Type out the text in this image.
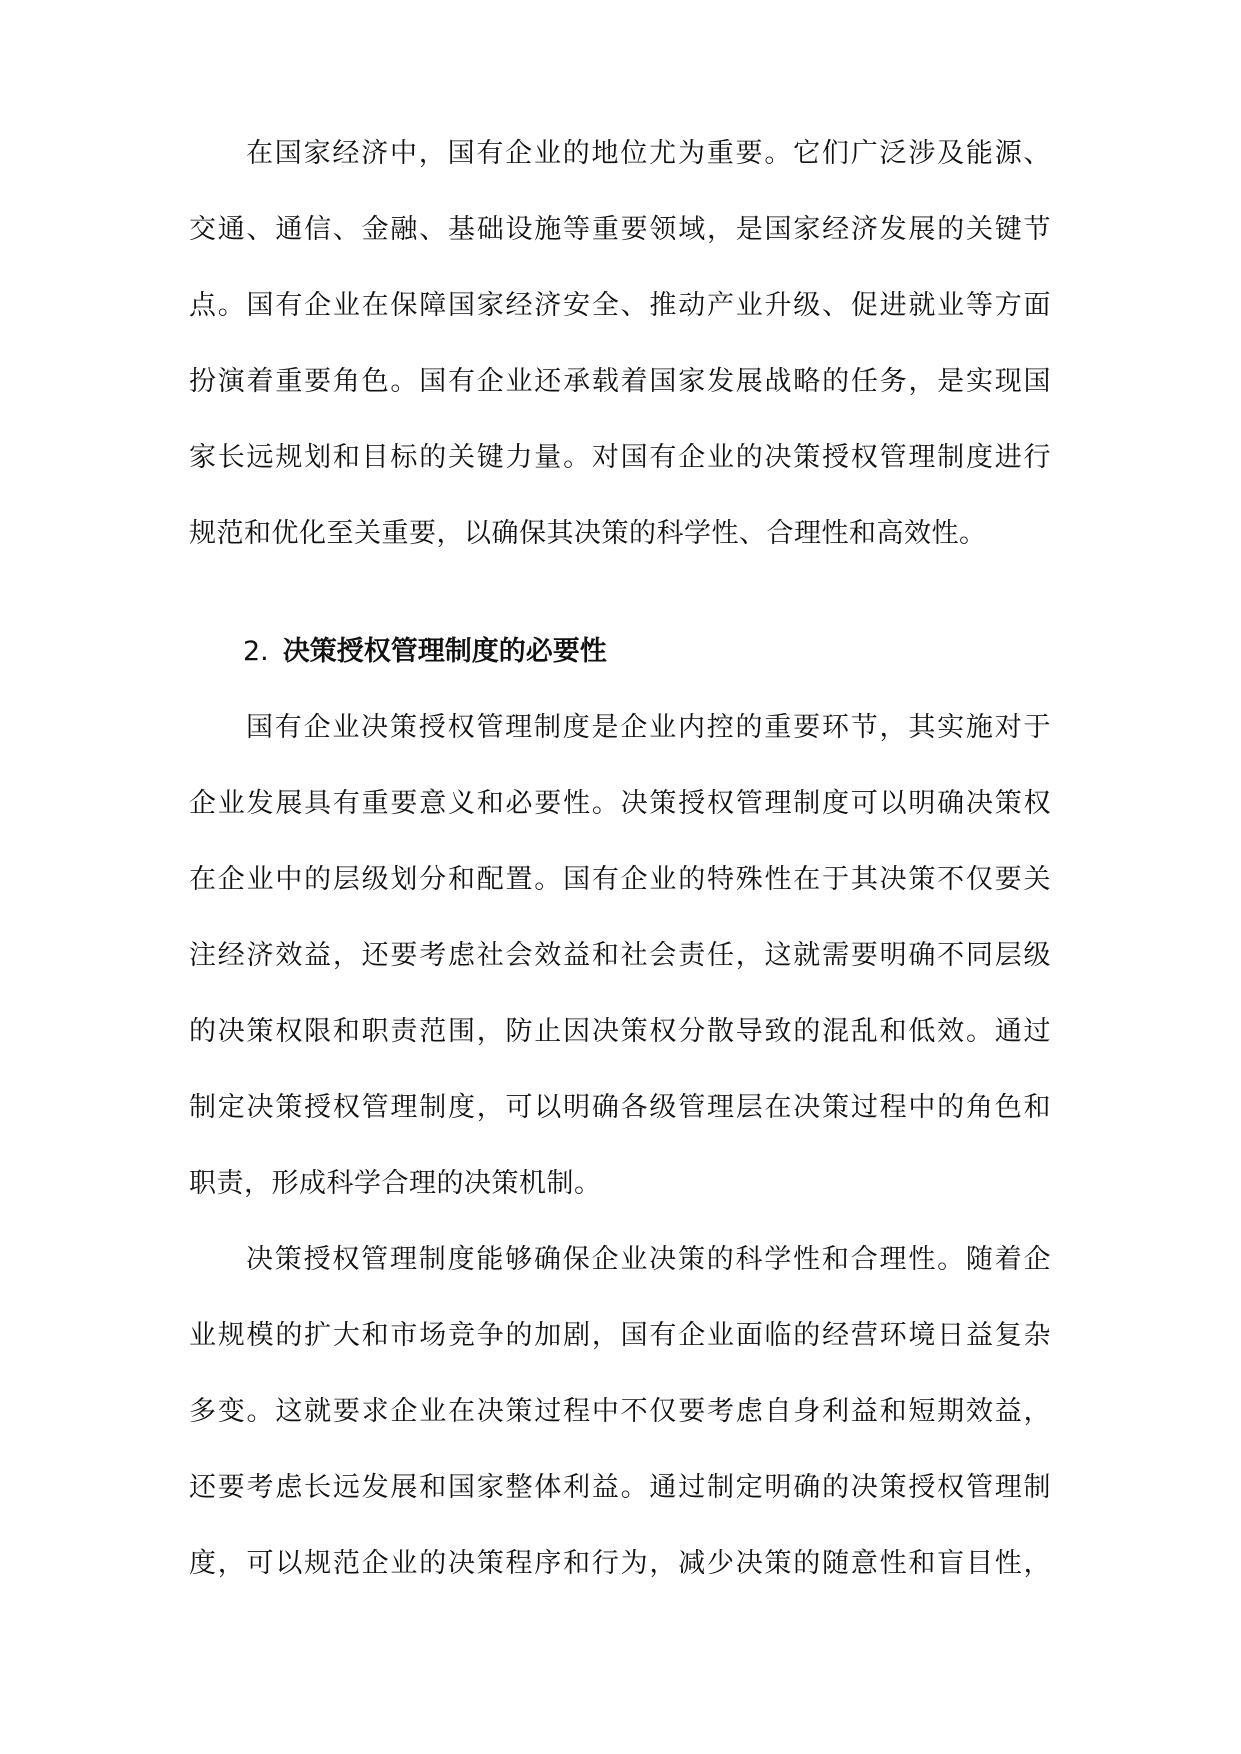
在国家经济中，国有企业的地位尤为重要。它们广泛涉及能源、
交通、通信、金融、基础设施等重要领域，是国家经济发展的关键节
点。国有企业在保障国家经济安全、推动产业升级、促进就业等方面
扮演着重要角色。国有企业还承载着国家发展战略的任务，是实现国
家长远规划和目标的关键力量。对国有企业的决策授权管理制度进行
规范和优化至关重要，以确保其决策的科学性、合理性和高效性。
2. 决策授权管理制度的必要性
国有企业决策授权管理制度是企业内控的重要环节，其实施对于
企业发展具有重要意义和必要性。决策授权管理制度可以明确决策权
在企业中的层级划分和配置。国有企业的特殊性在于其决策不仅要关
注经济效益，还要考虑社会效益和社会责任，这就需要明确不同层级
的决策权限和职责范围，防止因决策权分散导致的混乱和低效。通过
制定决策授权管理制度，可以明确各级管理层在决策过程中的角色和
职责，形成科学合理的决策机制。
决策授权管理制度能够确保企业决策的科学性和合理性。随着企
业规模的扩大和市场竞争的加剧，国有企业面临的经营环境日益复杂
多变。这就要求企业在决策过程中不仅要考虑自身利益和短期效益，
还要考虑长远发展和国家整体利益。通过制定明确的决策授权管理制
度，可以规范企业的决策程序和行为，减少决策的随意性和盲目性，
